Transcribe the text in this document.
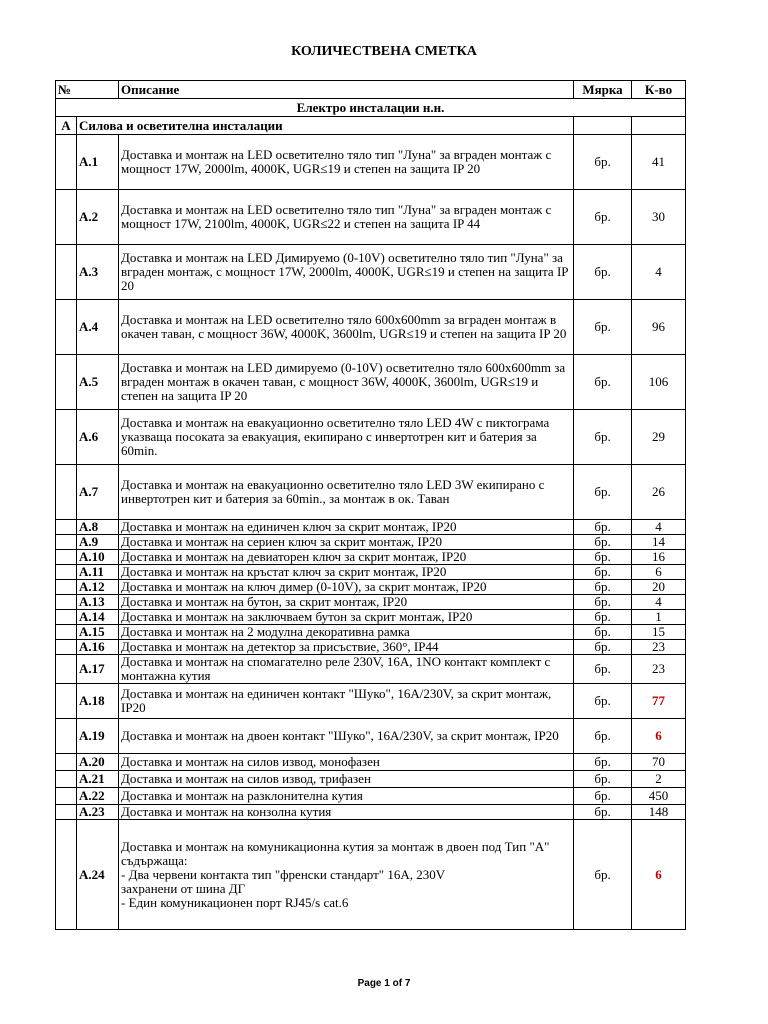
КОЛИЧЕСТВЕНА СМЕТКА
№		Описание	Мярка	К-во
Електро инсталации н.н.				
A	Силова и осветителна инсталации			
	A.1	Доставка и монтаж на LED осветително тяло тип "Луна" за вграден монтаж с мощност 17W, 2000lm, 4000K, UGR≤19 и степен на защита IP 20	бр.	41
	A.2	Доставка и монтаж на LED осветително тяло тип "Луна" за вграден монтаж с мощност 17W, 2100lm, 4000K, UGR≤22 и степен на защита IP 44	бр.	30
	A.3	Доставка и монтаж на LED Димируемо (0-10V) осветително тяло тип "Луна" за вграден монтаж, с мощност 17W, 2000lm, 4000K, UGR≤19 и степен на защита IP 20	бр.	4
	A.4	Доставка и монтаж на LED осветително тяло 600x600mm за вграден монтаж в окачен таван, с мощност 36W, 4000K, 3600lm, UGR≤19 и степен на защита IP 20	бр.	96
	A.5	Доставка и монтаж на LED димируемо (0-10V) осветително тяло 600x600mm за вграден монтаж в окачен таван, с мощност 36W, 4000K, 3600lm, UGR≤19 и степен на защита IP 20	бр.	106
	A.6	Доставка и монтаж на евакуационно осветително тяло LED 4W с пиктограма указваща посоката за евакуация, екипирано с инвертотрен кит и батерия за 60min.	бр.	29
	A.7	Доставка и монтаж на евакуационно осветително тяло LED 3W екипирано с инвертотрен кит и батерия за 60min., за монтаж в ок. Таван	бр.	26
	A.8	Доставка и монтаж на единичен ключ за скрит монтаж, IP20	бр.	4
	A.9	Доставка и монтаж на сериен ключ за скрит монтаж, IP20	бр.	14
	A.10	Доставка и монтаж на девиаторен ключ за скрит монтаж, IP20	бр.	16
	A.11	Доставка и монтаж на кръстат ключ за скрит монтаж, IP20	бр.	6
	A.12	Доставка и монтаж на ключ димер (0-10V), за скрит монтаж, IP20	бр.	20
	A.13	Доставка и монтаж на бутон, за скрит монтаж, IP20	бр.	4
	A.14	Доставка и монтаж на заключваем бутон за скрит монтаж, IP20	бр.	1
	A.15	Доставка и монтаж на 2 модулна декоративна рамка	бр.	15
	A.16	Доставка и монтаж на детектор за присъствие, 360°, IP44	бр.	23
	A.17	Доставка и монтаж на спомагателно реле 230V, 16A, 1NO контакт комплект с монтажна кутия	бр.	23
	A.18	Доставка и монтаж на единичен контакт "Шуко", 16A/230V, за скрит монтаж, IP20	бр.	77
	A.19	Доставка и монтаж на двоен контакт "Шуко", 16A/230V, за скрит монтаж, IP20	бр.	6
	A.20	Доставка и монтаж на силов извод, монофазен	бр.	70
	A.21	Доставка и монтаж на силов извод, трифазен	бр.	2
	A.22	Доставка и монтаж на разклонителна кутия	бр.	450
	A.23	Доставка и монтаж на конзолна кутия	бр.	148
	A.24	Доставка и монтаж на комуникационна кутия за монтаж в двоен под Тип "А"
съдържаща:
- Два червени контакта тип "френски стандарт" 16A, 230V
захранени от шина ДГ
- Един комуникационен порт RJ45/s cat.6	бр.	6
Page 1 of 7
